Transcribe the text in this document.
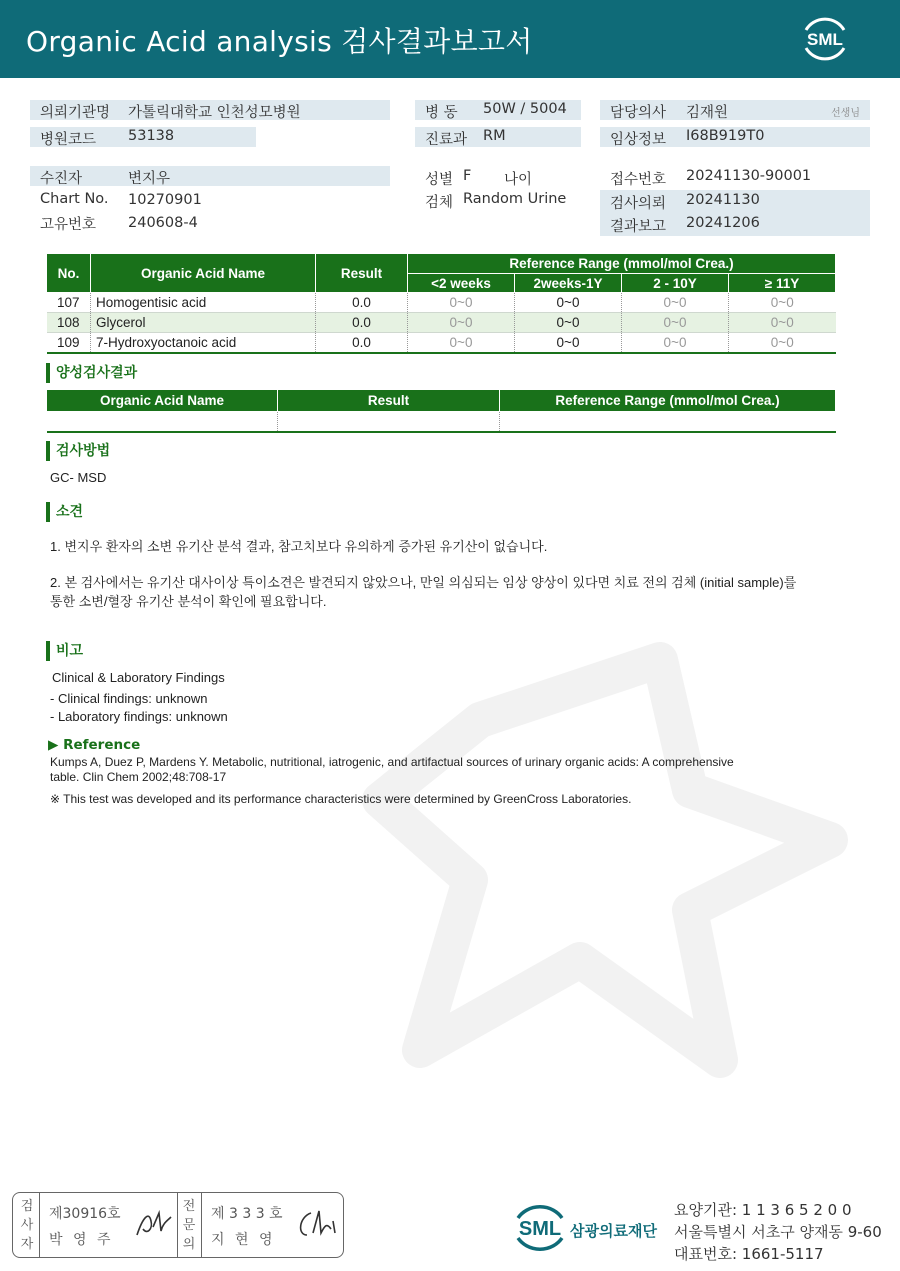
Organic Acid analysis 검사결과보고서	SML
의뢰기관명 가톨릭대학교 인천성모병원
병원코드 53138
병 동 50W / 5004
진료과 RM
담당의사 김재원	선생님
임상정보 I68B919T0
수진자	변지우
Chart No. 10270901
고유번호 240608-4
성별 F 나이
검체 Random Urine
접수번호 20241130-90001
검사의뢰 20241130
결과보고 20241206
No.	Organic Acid Name	Result	Reference Range (mmol/mol Crea.)			
			<2 weeks	2weeks-1Y	2 - 10Y	≥ 11Y
107	Homogentisic acid	0.0	0~0	0~0	0~0	0~0
108	Glycerol	0.0	0~0	0~0	0~0	0~0
109	7-Hydroxyoctanoic acid	0.0	0~0	0~0	0~0	0~0
양성검사결과
Organic Acid Name	Result	Reference Range (mmol/mol Crea.)

검사방법
GC- MSD
소견
1. 변지우 환자의 소변 유기산 분석 결과, 참고치보다 유의하게 증가된 유기산이 없습니다.
2. 본 검사에서는 유기산 대사이상 특이소견은 발견되지 않았으나, 만일 의심되는 임상 양상이 있다면 치료 전의 검체 (initial sample)를
통한 소변/혈장 유기산 분석이 확인에 필요합니다.
비고
Clinical & Laboratory Findings
- Clinical findings: unknown
- Laboratory findings: unknown
▶ Reference
Kumps A, Duez P, Mardens Y. Metabolic, nutritional, iatrogenic, and artifactual sources of urinary organic acids: A comprehensive
table. Clin Chem 2002;48:708-17
※ This test was developed and its performance characteristics were determined by GreenCross Laboratories.
검
사
자
제30916호
박 영 주
전
문
의
제 3 3 3 호
지 현 영	SML 삼광의료재단
요양기관: 1 1 3 6 5 2 0 0
서울특별시 서초구 양재동 9-60
대표번호: 1661-5117
